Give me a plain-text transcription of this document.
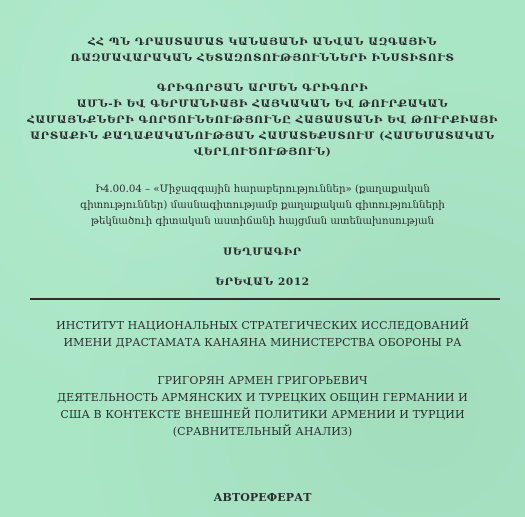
ՀՀ ՊՆ ԴՐԱՍՏԱՄԱՏ ԿԱՆԱՅԱՆԻ ԱՆՎԱՆ ԱԶԳԱՅԻՆ
ՌԱԶՄԱՎԱՐԱԿԱՆ ՀԵՏԱԶՈՏՈՒԹՅՈՒՆՆԵՐԻ ԻՆՍՏԻՏՈՒՏ
ԳՐԻԳՈՐՅԱՆ ԱՐՄԵՆ ԳՐԻԳՈՐԻ
ԱՄՆ-Ի ԵՎ ԳԵՐՄԱՆԻԱՅԻ ՀԱՅԿԱԿԱՆ ԵՎ ԹՈՒՐՔԱԿԱՆ
ՀԱՄԱՅՆՔՆԵՐԻ ԳՈՐԾՈՒՆԵՈՒԹՅՈՒՆԸ ՀԱՅԱՍՏԱՆԻ ԵՎ ԹՈՒՐՔԻԱՅԻ
ԱՐՏԱՔԻՆ ՔԱՂԱՔԱԿԱՆՈՒԹՅԱՆ ՀԱՄԱՏԵՔՍՏՈՒՄ (ՀԱՄԵՄԱՏԱԿԱՆ
ՎԵՐԼՈՒԾՈՒԹՅՈՒՆ)
Ի4.00.04 – «Միջազգային հարաբերություններ» (քաղաքական
գիտություններ) մասնագիտությամբ քաղաքական գիտությունների
թեկնածուի գիտական աստիճանի հայցման ատենախոսության
ՍԵՂՄԱԳԻՐ
ԵՐԵՎԱՆ 2012
ИНСТИТУТ НАЦИОНАЛЬНЫХ СТРАТЕГИЧЕСКИХ ИССЛЕДОВАНИЙ
ИМЕНИ ДРАСТАМАТА КАНАЯНА МИНИСТЕРСТВА ОБОРОНЫ РА
ГРИГОРЯН АРМЕН ГРИГОРЬЕВИЧ
ДЕЯТЕЛЬНОСТЬ АРМЯНСКИХ И ТУРЕЦКИХ ОБЩИН ГЕРМАНИИ И
США В КОНТЕКСТЕ ВНЕШНЕЙ ПОЛИТИКИ АРМЕНИИ И ТУРЦИИ
(СРАВНИТЕЛЬНЫЙ АНАЛИЗ)
АВТОРЕФЕРАТ
